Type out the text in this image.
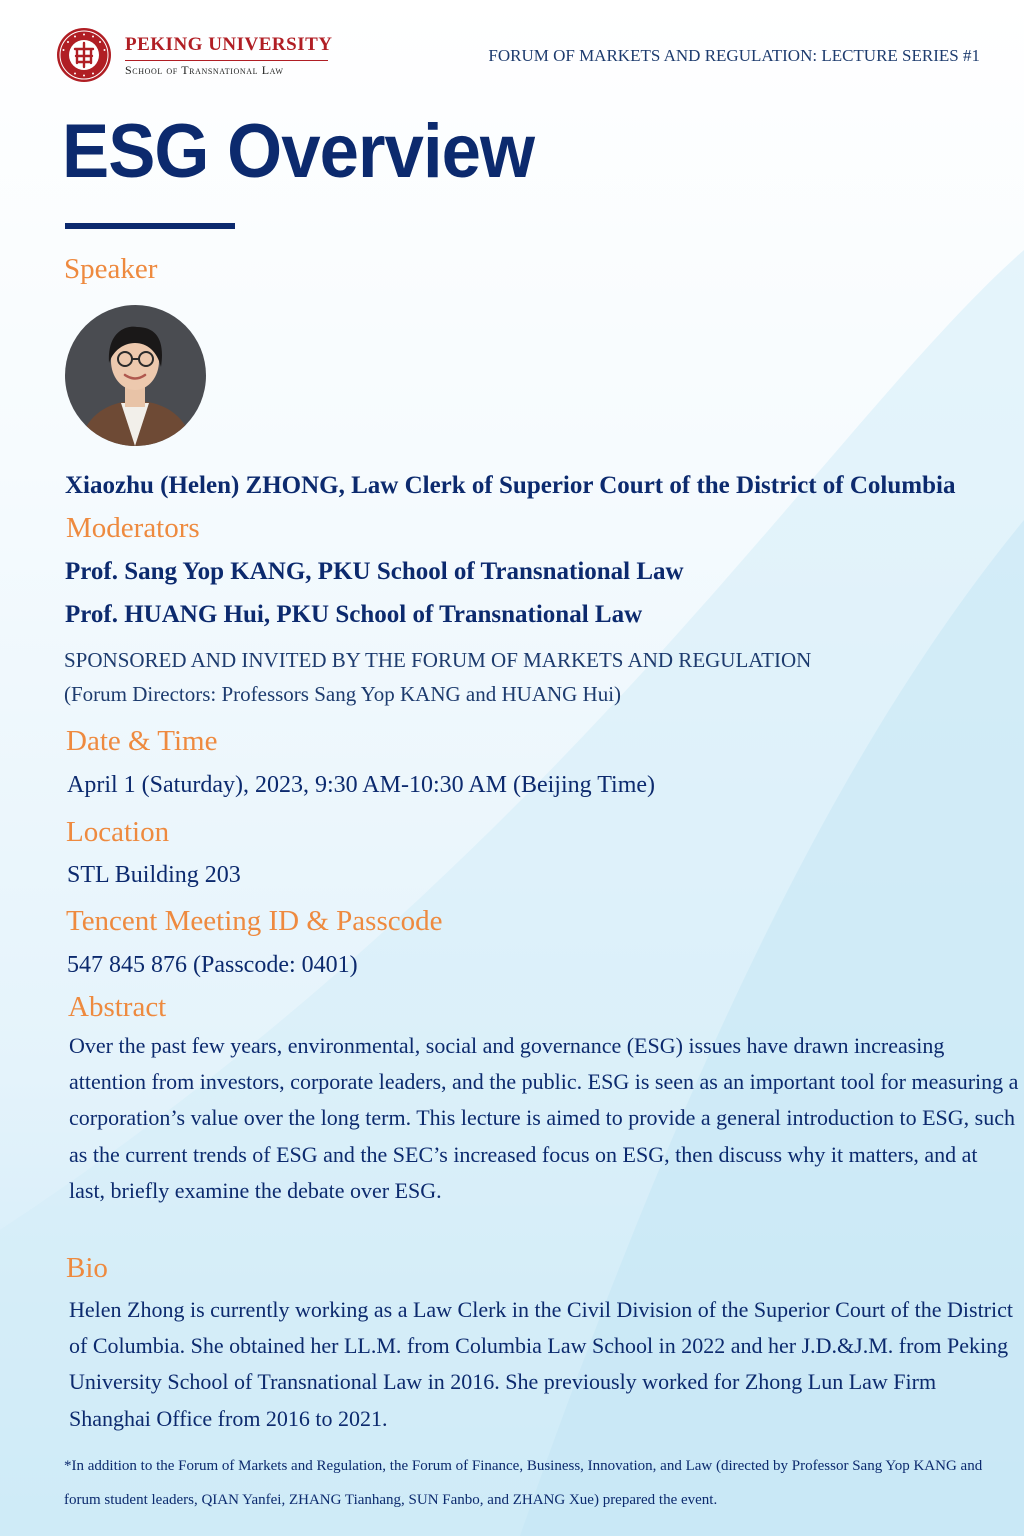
PEKING UNIVERSITY
School of Transnational Law
FORUM OF MARKETS AND REGULATION: LECTURE SERIES #1
ESG Overview
Speaker
Xiaozhu (Helen) ZHONG, Law Clerk of Superior Court of the District of Columbia
Moderators
Prof. Sang Yop KANG, PKU School of Transnational Law
Prof. HUANG Hui, PKU School of Transnational Law
SPONSORED AND INVITED BY THE FORUM OF MARKETS AND REGULATION
(Forum Directors: Professors Sang Yop KANG and HUANG Hui)
Date & Time
April 1 (Saturday), 2023, 9:30 AM-10:30 AM (Beijing Time)
Location
STL Building 203
Tencent Meeting ID & Passcode
547 845 876 (Passcode: 0401)
Abstract
Over the past few years, environmental, social and governance (ESG) issues have drawn increasing attention from investors, corporate leaders, and the public. ESG is seen as an important tool for measuring a corporation’s value over the long term. This lecture is aimed to provide a general introduction to ESG, such as the current trends of ESG and the SEC’s increased focus on ESG, then discuss why it matters, and at last, briefly examine the debate over ESG.
Bio
Helen Zhong is currently working as a Law Clerk in the Civil Division of the Superior Court of the District of Columbia. She obtained her LL.M. from Columbia Law School in 2022 and her J.D.&J.M. from Peking University School of Transnational Law in 2016. She previously worked for Zhong Lun Law Firm Shanghai Office from 2016 to 2021.
*In addition to the Forum of Markets and Regulation, the Forum of Finance, Business, Innovation, and Law (directed by Professor Sang Yop KANG and forum student leaders, QIAN Yanfei, ZHANG Tianhang, SUN Fanbo, and ZHANG Xue) prepared the event.
